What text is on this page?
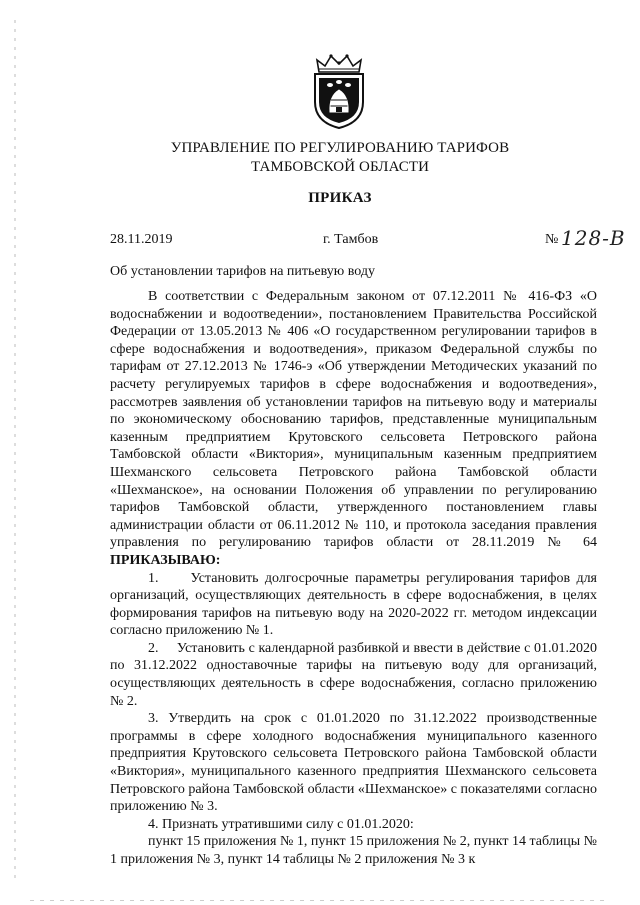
УПРАВЛЕНИЕ ПО РЕГУЛИРОВАНИЮ ТАРИФОВ
ТАМБОВСКОЙ ОБЛАСТИ
ПРИКАЗ
28.11.2019	г. Тамбов	№ 128-В
Об установлении тарифов на питьевую воду

В соответствии с Федеральным законом от 07.12.2011 № 416-ФЗ «О водоснабжении и водоотведении», постановлением Правительства Российской Федерации от 13.05.2013 № 406 «О государственном регулировании тарифов в сфере водоснабжения и водоотведения», приказом Федеральной службы по тарифам от 27.12.2013 № 1746-э «Об утверждении Методических указаний по расчету регулируемых тарифов в сфере водоснабжения и водоотведения», рассмотрев заявления об установлении тарифов на питьевую воду и материалы по экономическому обоснованию тарифов, представленные муниципальным казенным предприятием Крутовского сельсовета Петровского района Тамбовской области «Виктория», муниципальным казенным предприятием Шехманского сельсовета Петровского района Тамбовской области «Шехманское», на основании Положения об управлении по регулированию тарифов Тамбовской области, утвержденного постановлением главы администрации области от 06.11.2012 № 110, и протокола заседания правления управления по регулированию тарифов области от 28.11.2019 № 64 ПРИКАЗЫВАЮ:

1.     Установить долгосрочные параметры регулирования тарифов для организаций, осуществляющих деятельность в сфере водоснабжения, в целях формирования тарифов на питьевую воду на 2020-2022 гг. методом индексации согласно приложению № 1.

2.     Установить с календарной разбивкой и ввести в действие с 01.01.2020 по 31.12.2022 одноставочные тарифы на питьевую воду для организаций, осуществляющих деятельность в сфере водоснабжения, согласно приложению № 2.

3. Утвердить на срок с 01.01.2020 по 31.12.2022 производственные программы в сфере холодного водоснабжения муниципального казенного предприятия Крутовского сельсовета Петровского района Тамбовской области «Виктория», муниципального казенного предприятия Шехманского сельсовета Петровского района Тамбовской области «Шехманское» с показателями согласно приложению № 3.

4. Признать утратившими силу с 01.01.2020:

пункт 15 приложения № 1, пункт 15 приложения № 2, пункт 14 таблицы № 1 приложения № 3, пункт 14 таблицы № 2 приложения № 3 к
